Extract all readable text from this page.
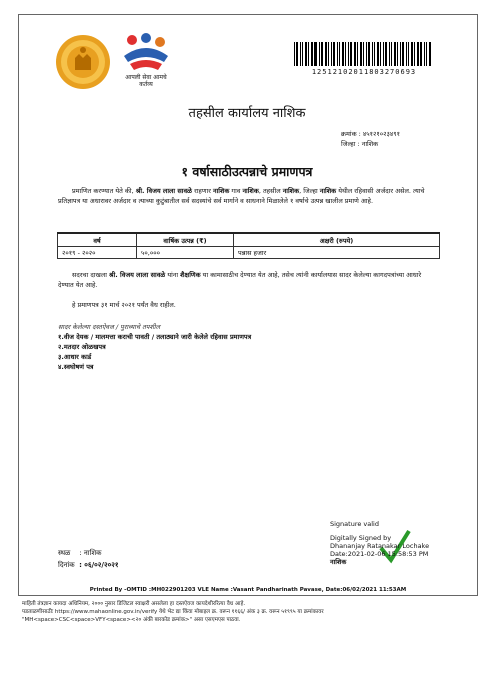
आपली सेवा आमचे कर्तव्य
12512102011803270693
तहसील कार्यालय नाशिक
क्रमांक : ४५१२१०२३४९१
जिल्हा : नाशिक
१ वर्षासाठीउत्पन्नाचे प्रमाणपत्र
प्रमाणित करण्यात येते की, श्री. विजय लाला सावळे राहणार नाशिक गाव नाशिक, तहसील नाशिक, जिल्हा नाशिक येथील रहिवासी अर्जदार असेल. त्याचे प्रतिज्ञापत्र या अधारावर अर्जदार व त्याच्या कुटुंबातील सर्व सदस्यांचे सर्व मार्गाने व साधनाने मिळालेले १ वर्षाचे उत्पन्न खालील प्रमाणे आहे.
वर्ष	वार्षिक उत्पन्न (₹)	अक्षरी (रुपये)
२०१९ - २०२०	५०,०००	पन्नास हजार
सदरचा दाखला श्री. विजय लाला सावळे यांना शैक्षणिक या कामासाठीच देण्यात येत आहे, तसेच त्यांनी कार्यालयास सादर केलेल्या कागदपत्रांच्या आधारे देण्यात येत आहे.
हे प्रमाणपत्र ३१ मार्च २०२१ पर्यंत वैध राहील.
सादर केलेल्या दस्तऐवज / पुराव्याचे तपशील
१.वीज देयक / मालमत्ता कराची पावती / तलाठ्याने जारी केलेले रहिवास प्रमाणपत्र
२.मतदार ओळखपत्र
३.आधार कार्ड
४.स्वघोषणं पत्र
Signature valid
Digitally Signed by
Dhananjay Ratanakar Lochake
Date:2021-02-06 15:58:53 PM
नाशिक
स्थळ : नाशिक
दिनांक : ०६/०२/२०२१
Printed By -OMTID :MH022901203 VLE Name :Vasant Pandharinath Pavase, Date:06/02/2021 11:53AM
माहिती तंत्रज्ञान कायदा अधिनियम, २००० नुसार डिजिटल स्वाक्षरी असलेला हा दस्तऐवज कायदेशीररित्या वैध आहे.
पडताळणीसाठीः https://www.mahaonline.gov.in/verify येथे भेट द्या किंवा मोबाइल क्र. वरून ११६६/ अंक ३ क्र. वरून ५१९९५ या क्रमांकावर
"MH<space>CSC<space>VFY<space><२० अंकी बारकोड क्रमांक>" असा एसएमएस पाठवा.
